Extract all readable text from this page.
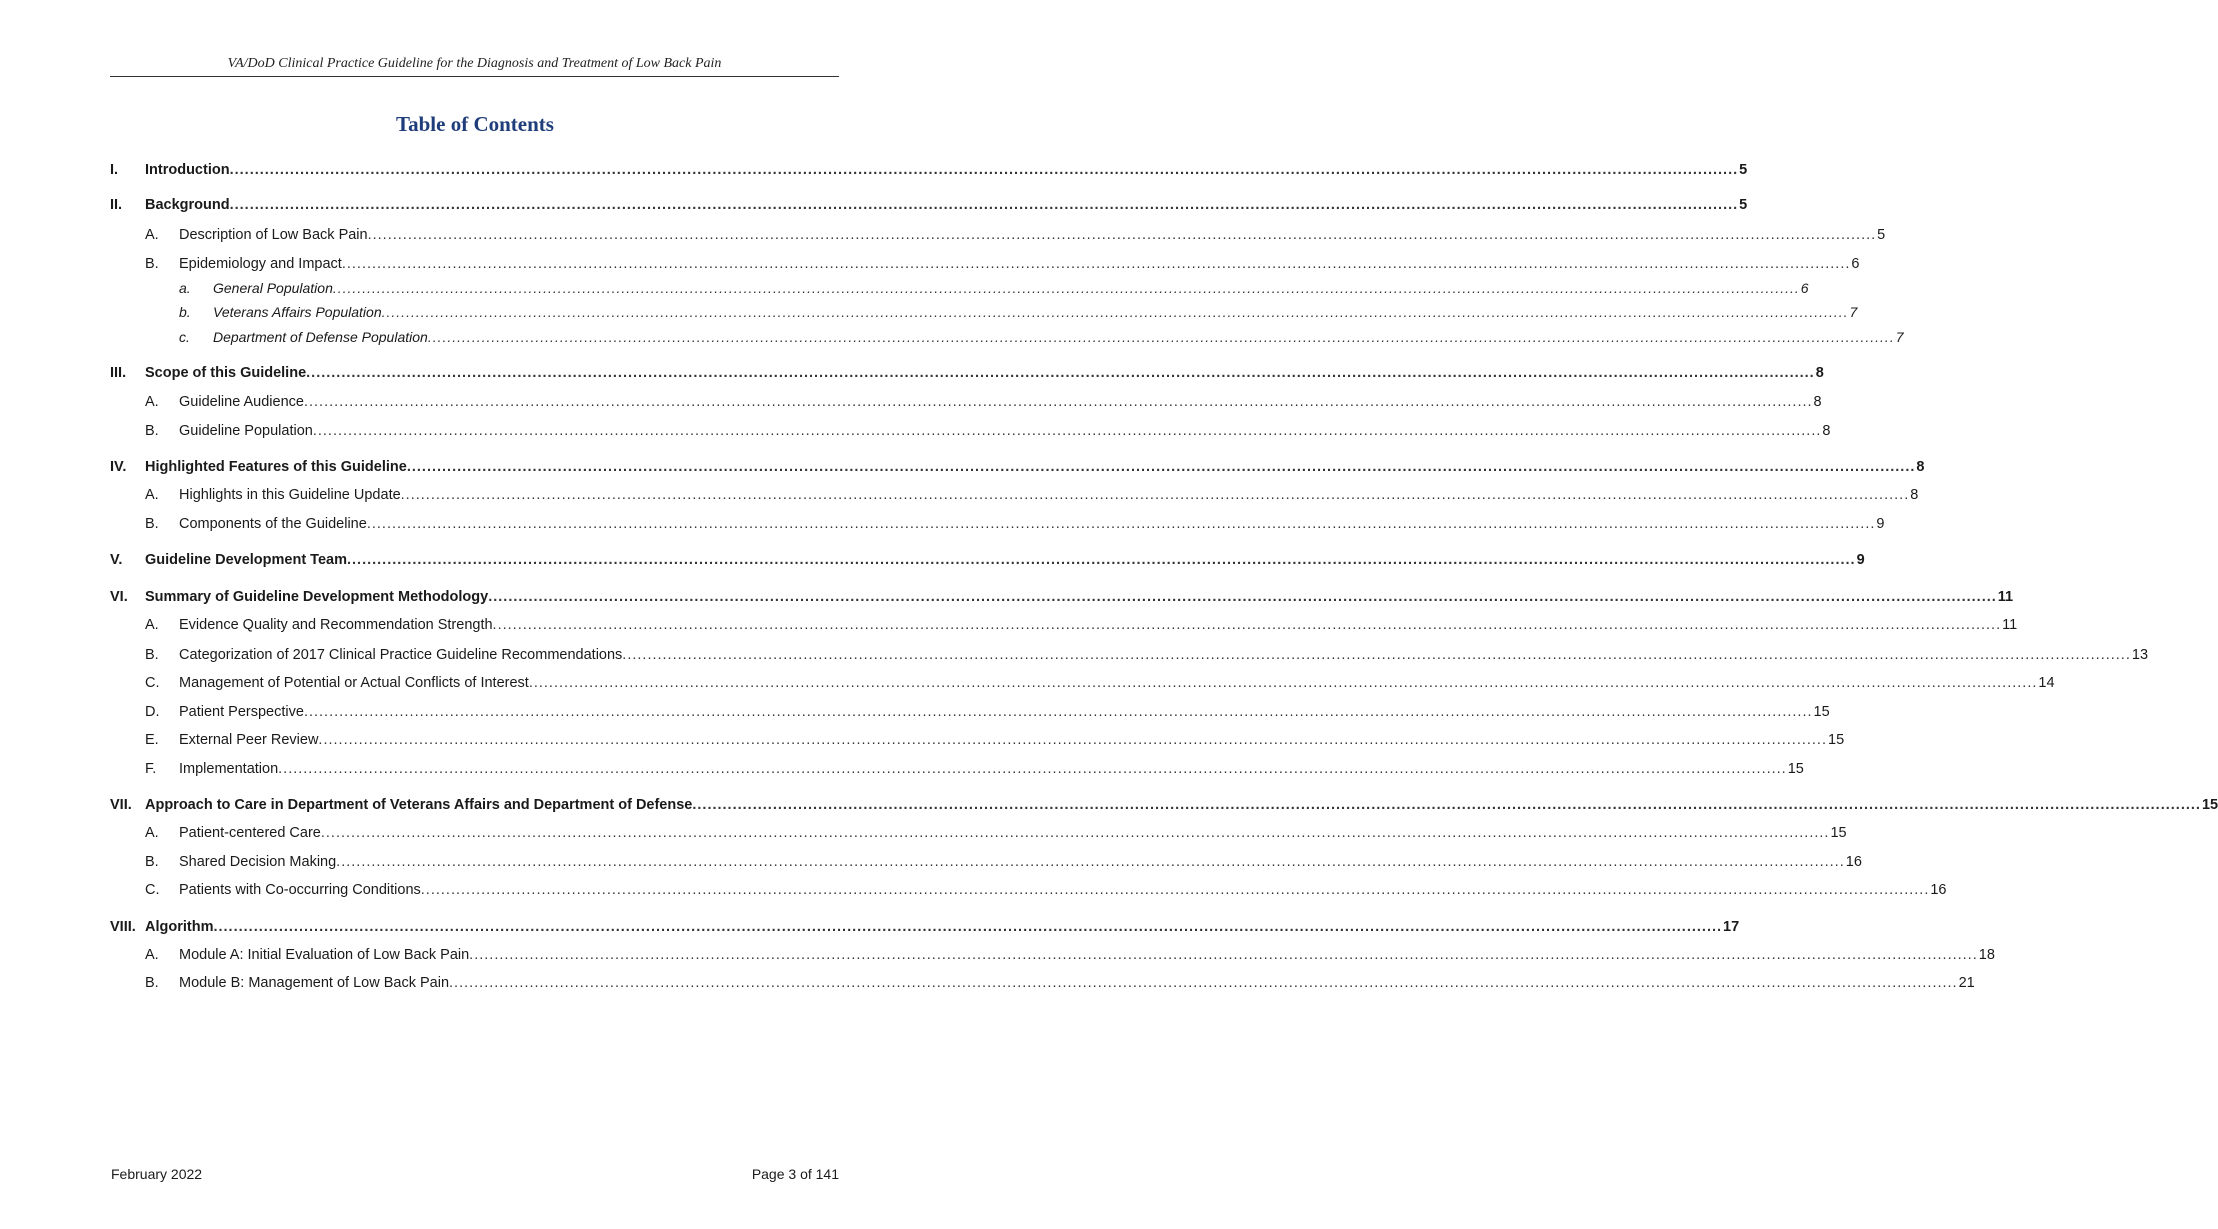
VA/DoD Clinical Practice Guideline for the Diagnosis and Treatment of Low Back Pain
Table of Contents
I.	Introduction ............................................................................................................................................................................................................................................................................................................ 5
II.	Background ............................................................................................................................................................................................................................................................................................................ 5
A.	Description of Low Back Pain ............................................................................................................................................................................................................................................................................................................ 5
B.	Epidemiology and Impact ............................................................................................................................................................................................................................................................................................................ 6
a.	General Population ............................................................................................................................................................................................................................................................................................................ 6
b.	Veterans Affairs Population ............................................................................................................................................................................................................................................................................................................ 7
c.	Department of Defense Population ............................................................................................................................................................................................................................................................................................................ 7
III.	Scope of this Guideline ............................................................................................................................................................................................................................................................................................................ 8
A.	Guideline Audience ............................................................................................................................................................................................................................................................................................................ 8
B.	Guideline Population ............................................................................................................................................................................................................................................................................................................ 8
IV.	Highlighted Features of this Guideline ............................................................................................................................................................................................................................................................................................................ 8
A.	Highlights in this Guideline Update ............................................................................................................................................................................................................................................................................................................ 8
B.	Components of the Guideline ............................................................................................................................................................................................................................................................................................................ 9
V.	Guideline Development Team ............................................................................................................................................................................................................................................................................................................ 9
VI.	Summary of Guideline Development Methodology ............................................................................................................................................................................................................................................................................................................ 11
A.	Evidence Quality and Recommendation Strength ............................................................................................................................................................................................................................................................................................................ 11
B.	Categorization of 2017 Clinical Practice Guideline Recommendations ............................................................................................................................................................................................................................................................................................................ 13
C.	Management of Potential or Actual Conflicts of Interest ............................................................................................................................................................................................................................................................................................................ 14
D.	Patient Perspective ............................................................................................................................................................................................................................................................................................................ 15
E.	External Peer Review ............................................................................................................................................................................................................................................................................................................ 15
F.	Implementation ............................................................................................................................................................................................................................................................................................................ 15
VII. Approach to Care in Department of Veterans Affairs and Department of Defense ............................................................................................................................................................................................................................................................................................................ 15
A.	Patient-centered Care ............................................................................................................................................................................................................................................................................................................ 15
B.	Shared Decision Making ............................................................................................................................................................................................................................................................................................................ 16
C.	Patients with Co-occurring Conditions ............................................................................................................................................................................................................................................................................................................ 16
VIII. Algorithm ............................................................................................................................................................................................................................................................................................................ 17
A.	Module A: Initial Evaluation of Low Back Pain ............................................................................................................................................................................................................................................................................................................ 18
B.	Module B: Management of Low Back Pain ............................................................................................................................................................................................................................................................................................................ 21
February 2022	Page 3 of 141
